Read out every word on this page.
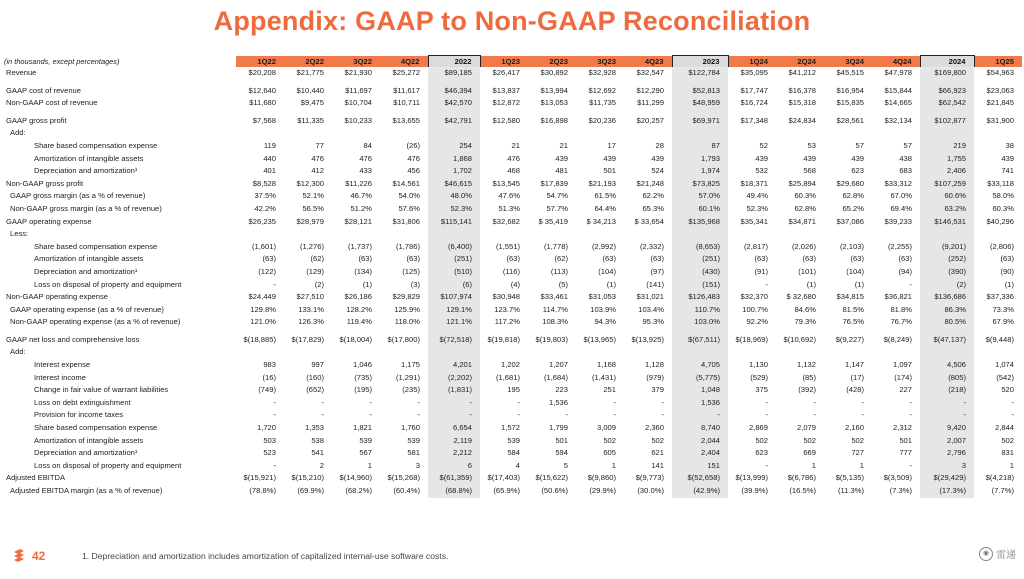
Appendix: GAAP to Non-GAAP Reconciliation
(in thousands, except percentages)	1Q22	2Q22	3Q22	4Q22	2022	1Q23	2Q23	3Q23	4Q23	2023	1Q24	2Q24	3Q24	4Q24	2024	1Q25
Revenue	$20,208	$21,775	$21,930	$25,272	$89,185	$26,417	$30,892	$32,928	$32,547	$122,784	$35,095	$41,212	$45,515	$47,978	$169,800	$54,963

GAAP cost of revenue	$12,640	$10,440	$11,697	$11,617	$46,394	$13,837	$13,994	$12,692	$12,290	$52,813	$17,747	$16,378	$16,954	$15,844	$66,923	$23,063
Non-GAAP cost of revenue	$11,680	$9,475	$10,704	$10,711	$42,570	$12,872	$13,053	$11,735	$11,299	$48,959	$16,724	$15,318	$15,835	$14,665	$62,542	$21,845

GAAP gross profit	$7,568	$11,335	$10,233	$13,655	$42,791	$12,580	$16,898	$20,236	$20,257	$69,971	$17,348	$24,834	$28,561	$32,134	$102,877	$31,900
Add:																
Share based compensation expense	119	77	84	(26)	254	21	21	17	28	87	52	53	57	57	219	38
Amortization of intangible assets	440	476	476	476	1,868	476	439	439	439	1,793	439	439	439	438	1,755	439
Depreciation and amortization¹	401	412	433	456	1,702	468	481	501	524	1,974	532	568	623	683	2,406	741
Non-GAAP gross profit	$8,528	$12,300	$11,226	$14,561	$46,615	$13,545	$17,839	$21,193	$21,248	$73,825	$18,371	$25,894	$29,680	$33,312	$107,259	$33,118
GAAP gross margin (as a % of revenue)	37.5%	52.1%	46.7%	54.0%	48.0%	47.6%	54.7%	61.5%	62.2%	57.0%	49.4%	60.3%	62.8%	67.0%	60.6%	58.0%
Non-GAAP gross margin (as a % of revenue)	42.2%	56.5%	51.2%	57.6%	52.3%	51.3%	57.7%	64.4%	65.3%	60.1%	52.3%	62.8%	65.2%	69.4%	63.2%	60.3%
GAAP operating expense	$26,235	$28,979	$28,121	$31,806	$115,141	$32,682	$ 35,419	$ 34,213	$ 33,654	$135,968	$35,341	$34,871	$37,086	$39,233	$146,531	$40,296
Less:																
Share based compensation expense	(1,601)	(1,276)	(1,737)	(1,786)	(6,400)	(1,551)	(1,778)	(2,992)	(2,332)	(8,653)	(2,817)	(2,026)	(2,103)	(2,255)	(9,201)	(2,806)
Amortization of intangible assets	(63)	(62)	(63)	(63)	(251)	(63)	(62)	(63)	(63)	(251)	(63)	(63)	(63)	(63)	(252)	(63)
Depreciation and amortization¹	(122)	(129)	(134)	(125)	(510)	(116)	(113)	(104)	(97)	(430)	(91)	(101)	(104)	(94)	(390)	(90)
Loss on disposal of property and equipment	-	(2)	(1)	(3)	(6)	(4)	(5)	(1)	(141)	(151)	-	(1)	(1)	-	(2)	(1)
Non-GAAP operating expense	$24,449	$27,510	$26,186	$29,829	$107,974	$30,948	$33,461	$31,053	$31,021	$126,483	$32,370	$ 32,680	$34,815	$36,821	$136,686	$37,336
GAAP operating expense (as a % of revenue)	129.8%	133.1%	128.2%	125.9%	129.1%	123.7%	114.7%	103.9%	103.4%	110.7%	100.7%	84.6%	81.5%	81.8%	86.3%	73.3%
Non-GAAP operating expense (as a % of revenue)	121.0%	126.3%	119.4%	118.0%	121.1%	117.2%	108.3%	94.3%	95.3%	103.0%	92.2%	79.3%	76.5%	76.7%	80.5%	67.9%

GAAP net loss and comprehensive loss	$(18,885)	$(17,829)	$(18,004)	$(17,800)	$(72,518)	$(19,818)	$(19,803)	$(13,965)	$(13,925)	$(67,511)	$(18,969)	$(10,692)	$(9,227)	$(8,249)	$(47,137)	$(9,448)
Add:																
Interest expense	983	997	1,046	1,175	4,201	1,202	1,207	1,168	1,128	4,705	1,130	1,132	1,147	1,097	4,506	1,074
Interest income	(16)	(160)	(735)	(1,291)	(2,202)	(1,681)	(1,684)	(1,431)	(979)	(5,775)	(529)	(85)	(17)	(174)	(805)	(542)
Change in fair value of warrant liabilities	(749)	(652)	(195)	(235)	(1,831)	195	223	251	379	1,048	375	(392)	(428)	227	(218)	520
Loss on debt extinguishment	-	-	-	-	-	-	1,536	-	-	1,536	-	-	-	-	-	-
Provision for income taxes	-	-	-	-	-	-	-	-	-	-	-	-	-	-	-	-
Share based compensation expense	1,720	1,353	1,821	1,760	6,654	1,572	1,799	3,009	2,360	8,740	2,869	2,079	2,160	2,312	9,420	2,844
Amortization of intangible assets	503	538	539	539	2,119	539	501	502	502	2,044	502	502	502	501	2,007	502
Depreciation and amortization¹	523	541	567	581	2,212	584	594	605	621	2,404	623	669	727	777	2,796	831
Loss on disposal of property and equipment	-	2	1	3	6	4	5	1	141	151	-	1	1	-	3	1
Adjusted EBITDA	$(15,921)	$(15,210)	$(14,960)	$(15,268)	$(61,359)	$(17,403)	$(15,622)	$(9,860)	$(9,773)	$(52,658)	$(13,999)	$(6,786)	$(5,135)	$(3,509)	$(29,429)	$(4,218)
Adjusted EBITDA margin (as a % of revenue)	(78.8%)	(69.9%)	(68.2%)	(60.4%)	(68.8%)	(65.9%)	(50.6%)	(29.9%)	(30.0%)	(42.9%)	(39.9%)	(16.5%)	(11.3%)	(7.3%)	(17.3%)	(7.7%)
42	1. Depreciation and amortization includes amortization of capitalized internal-use software costs.	◉ 雷递
